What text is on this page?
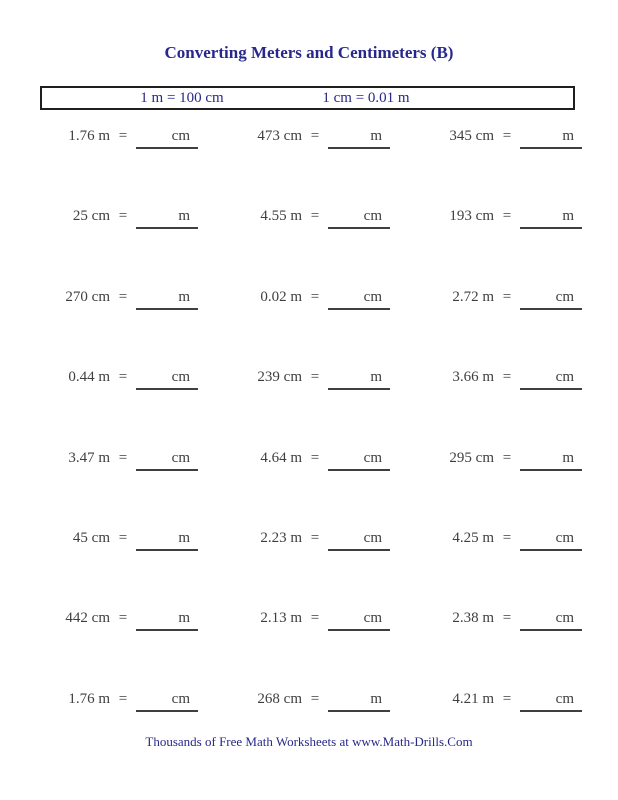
Converting Meters and Centimeters (B)
1 m = 100 cm	1 cm = 0.01 m
1.76 m =	cm	473 cm =	m	345 cm =	m
25 cm =	m	4.55 m =	cm	193 cm =	m
270 cm =	m	0.02 m =	cm	2.72 m =	cm
0.44 m =	cm	239 cm =	m	3.66 m =	cm
3.47 m =	cm	4.64 m =	cm	295 cm =	m
45 cm =	m	2.23 m =	cm	4.25 m =	cm
442 cm =	m	2.13 m =	cm	2.38 m =	cm
1.76 m =	cm	268 cm =	m	4.21 m =	cm
Thousands of Free Math Worksheets at www.Math-Drills.Com
